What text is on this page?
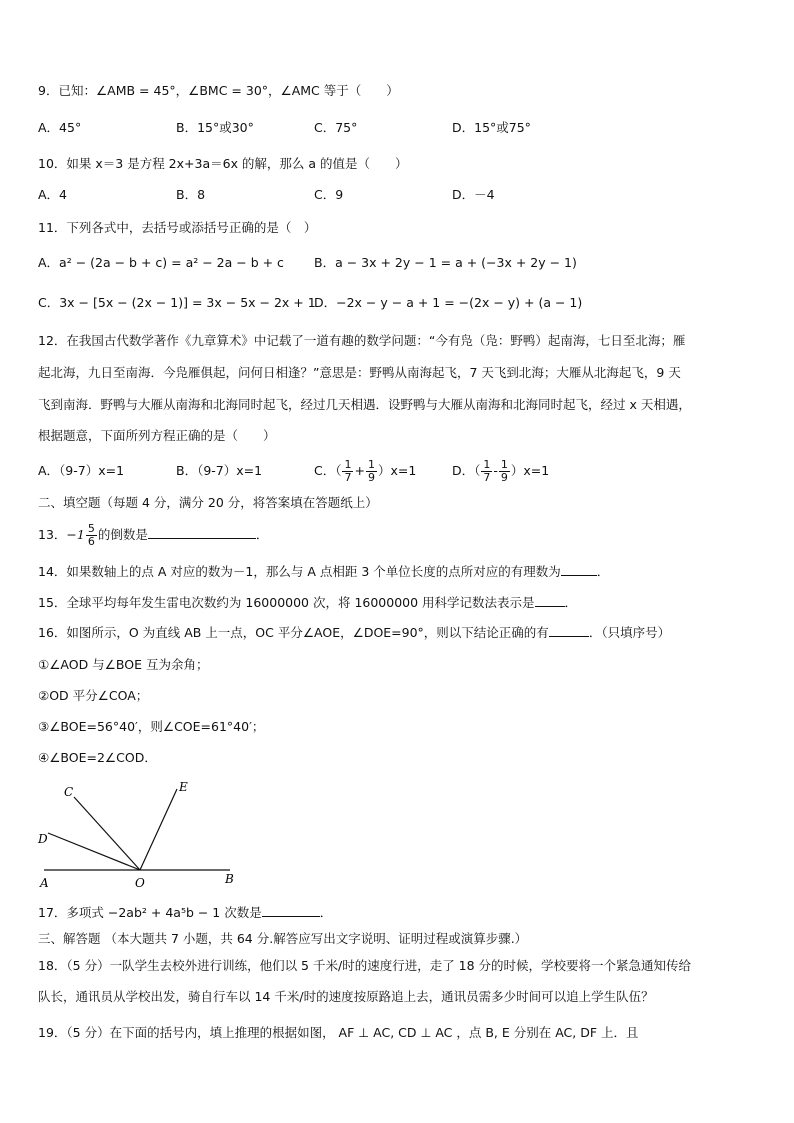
9．已知：∠AMB = 45°，∠BMC = 30°，∠AMC 等于（　　）
A．45°	B．15°或30°	C．75°	D．15°或75°
10．如果 x＝3 是方程 2x+3a＝6x 的解，那么 a 的值是（　　）
A．4	B．8	C．9	D．－4
11．下列各式中，去括号或添括号正确的是（　）
A．a² − (2a − b + c) = a² − 2a − b + c B．a − 3x + 2y − 1 = a + (−3x + 2y − 1)
C．3x − [5x − (2x − 1)] = 3x − 5x − 2x + 1
D．−2x − y − a + 1 = −(2x − y) + (a − 1)
12．在我国古代数学著作《九章算术》中记载了一道有趣的数学问题：“今有凫（凫：野鸭）起南海，七日至北海；雁
起北海，九日至南海．今凫雁俱起，问何日相逢？”意思是：野鸭从南海起飞，7 天飞到北海；大雁从北海起飞，9 天
飞到南海．野鸭与大雁从南海和北海同时起飞，经过几天相遇．设野鸭与大雁从南海和北海同时起飞，经过 x 天相遇，
根据题意，下面所列方程正确的是（　　）
A．（9-7）x=1	B．（9-7）x=1	C．（ $\frac{1}{7} + \frac{1}{9} )x=1$	D．（ $\frac{1}{7} - \frac{1}{9} )x=1$
二、填空题（每题 4 分，满分 20 分，将答案填在答题纸上）
13．$-1 \frac{5}{6}$ 的倒数是	．
14．如果数轴上的点 A 对应的数为－1，那么与 A 点相距 3 个单位长度的点所对应的有理数为	．
15．全球平均每年发生雷电次数约为 16000000 次，将 16000000 用科学记数法表示是 ．
16．如图所示，O 为直线 AB 上一点，OC 平分∠AOE，∠DOE=90°，则以下结论正确的有	．（只填序号）
①∠AOD 与∠BOE 互为余角；
②OD 平分∠COA；
③∠BOE=56°40′，则∠COE=61°40′；
④∠BOE=2∠COD．
C	E
D
A	O	B
17．多项式 −2ab² + 4a⁵b − 1 次数是	．
三、解答题 （本大题共 7 小题，共 64 分.解答应写出文字说明、证明过程或演算步骤.）
18．（5 分）一队学生去校外进行训练，他们以 5 千米/时的速度行进，走了 18 分的时候，学校要将一个紧急通知传给
队长，通讯员从学校出发，骑自行车以 14 千米/时的速度按原路追上去，通讯员需多少时间可以追上学生队伍？
19．（5 分）在下面的括号内，填上推理的根据如图， AF ⊥ AC, CD ⊥ AC ，点 B, E 分别在 AC, DF 上．且
